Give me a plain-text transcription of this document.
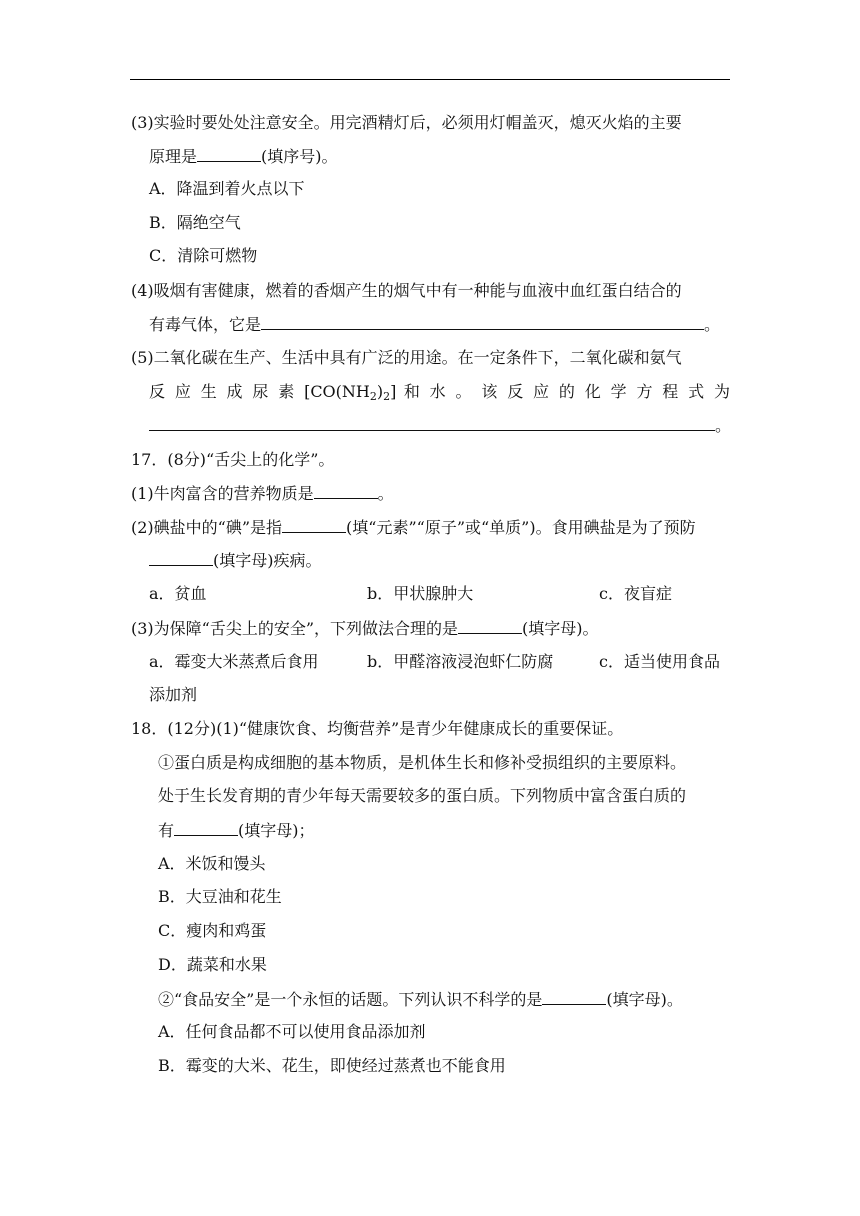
(3)实验时要处处注意安全。用完酒精灯后，必须用灯帽盖灭，熄灭火焰的主要
原理是	(填序号)。
A．降温到着火点以下
B．隔绝空气
C．清除可燃物
(4)吸烟有害健康，燃着的香烟产生的烟气中有一种能与血液中血红蛋白结合的
有毒气体，它是	。
(5)二氧化碳在生产、生活中具有广泛的用途。在一定条件下，二氧化碳和氨气
反 应 生 成 尿 素 $[CO(NH_2)_2]$ 和 水 。 该 反 应 的 化 学 方 程 式 为
。
17．(8分)“舌尖上的化学”。
(1)牛肉富含的营养物质是	。
(2)碘盐中的“碘”是指	(填“元素”“原子”或“单质”)。食用碘盐是为了预防
(填字母)疾病。
a．贫血	b．甲状腺肿大	c．夜盲症
(3)为保障“舌尖上的安全”，下列做法合理的是	(填字母)。
a．霉变大米蒸煮后食用	b．甲醛溶液浸泡虾仁防腐	c．适当使用食品
添加剂
18．(12分)(1)“健康饮食、均衡营养”是青少年健康成长的重要保证。
①蛋白质是构成细胞的基本物质，是机体生长和修补受损组织的主要原料。
处于生长发育期的青少年每天需要较多的蛋白质。下列物质中富含蛋白质的
有	(填字母)；
A．米饭和馒头
B．大豆油和花生
C．瘦肉和鸡蛋
D．蔬菜和水果
②“食品安全”是一个永恒的话题。下列认识不科学的是	(填字母)。
A．任何食品都不可以使用食品添加剂
B．霉变的大米、花生，即使经过蒸煮也不能食用
